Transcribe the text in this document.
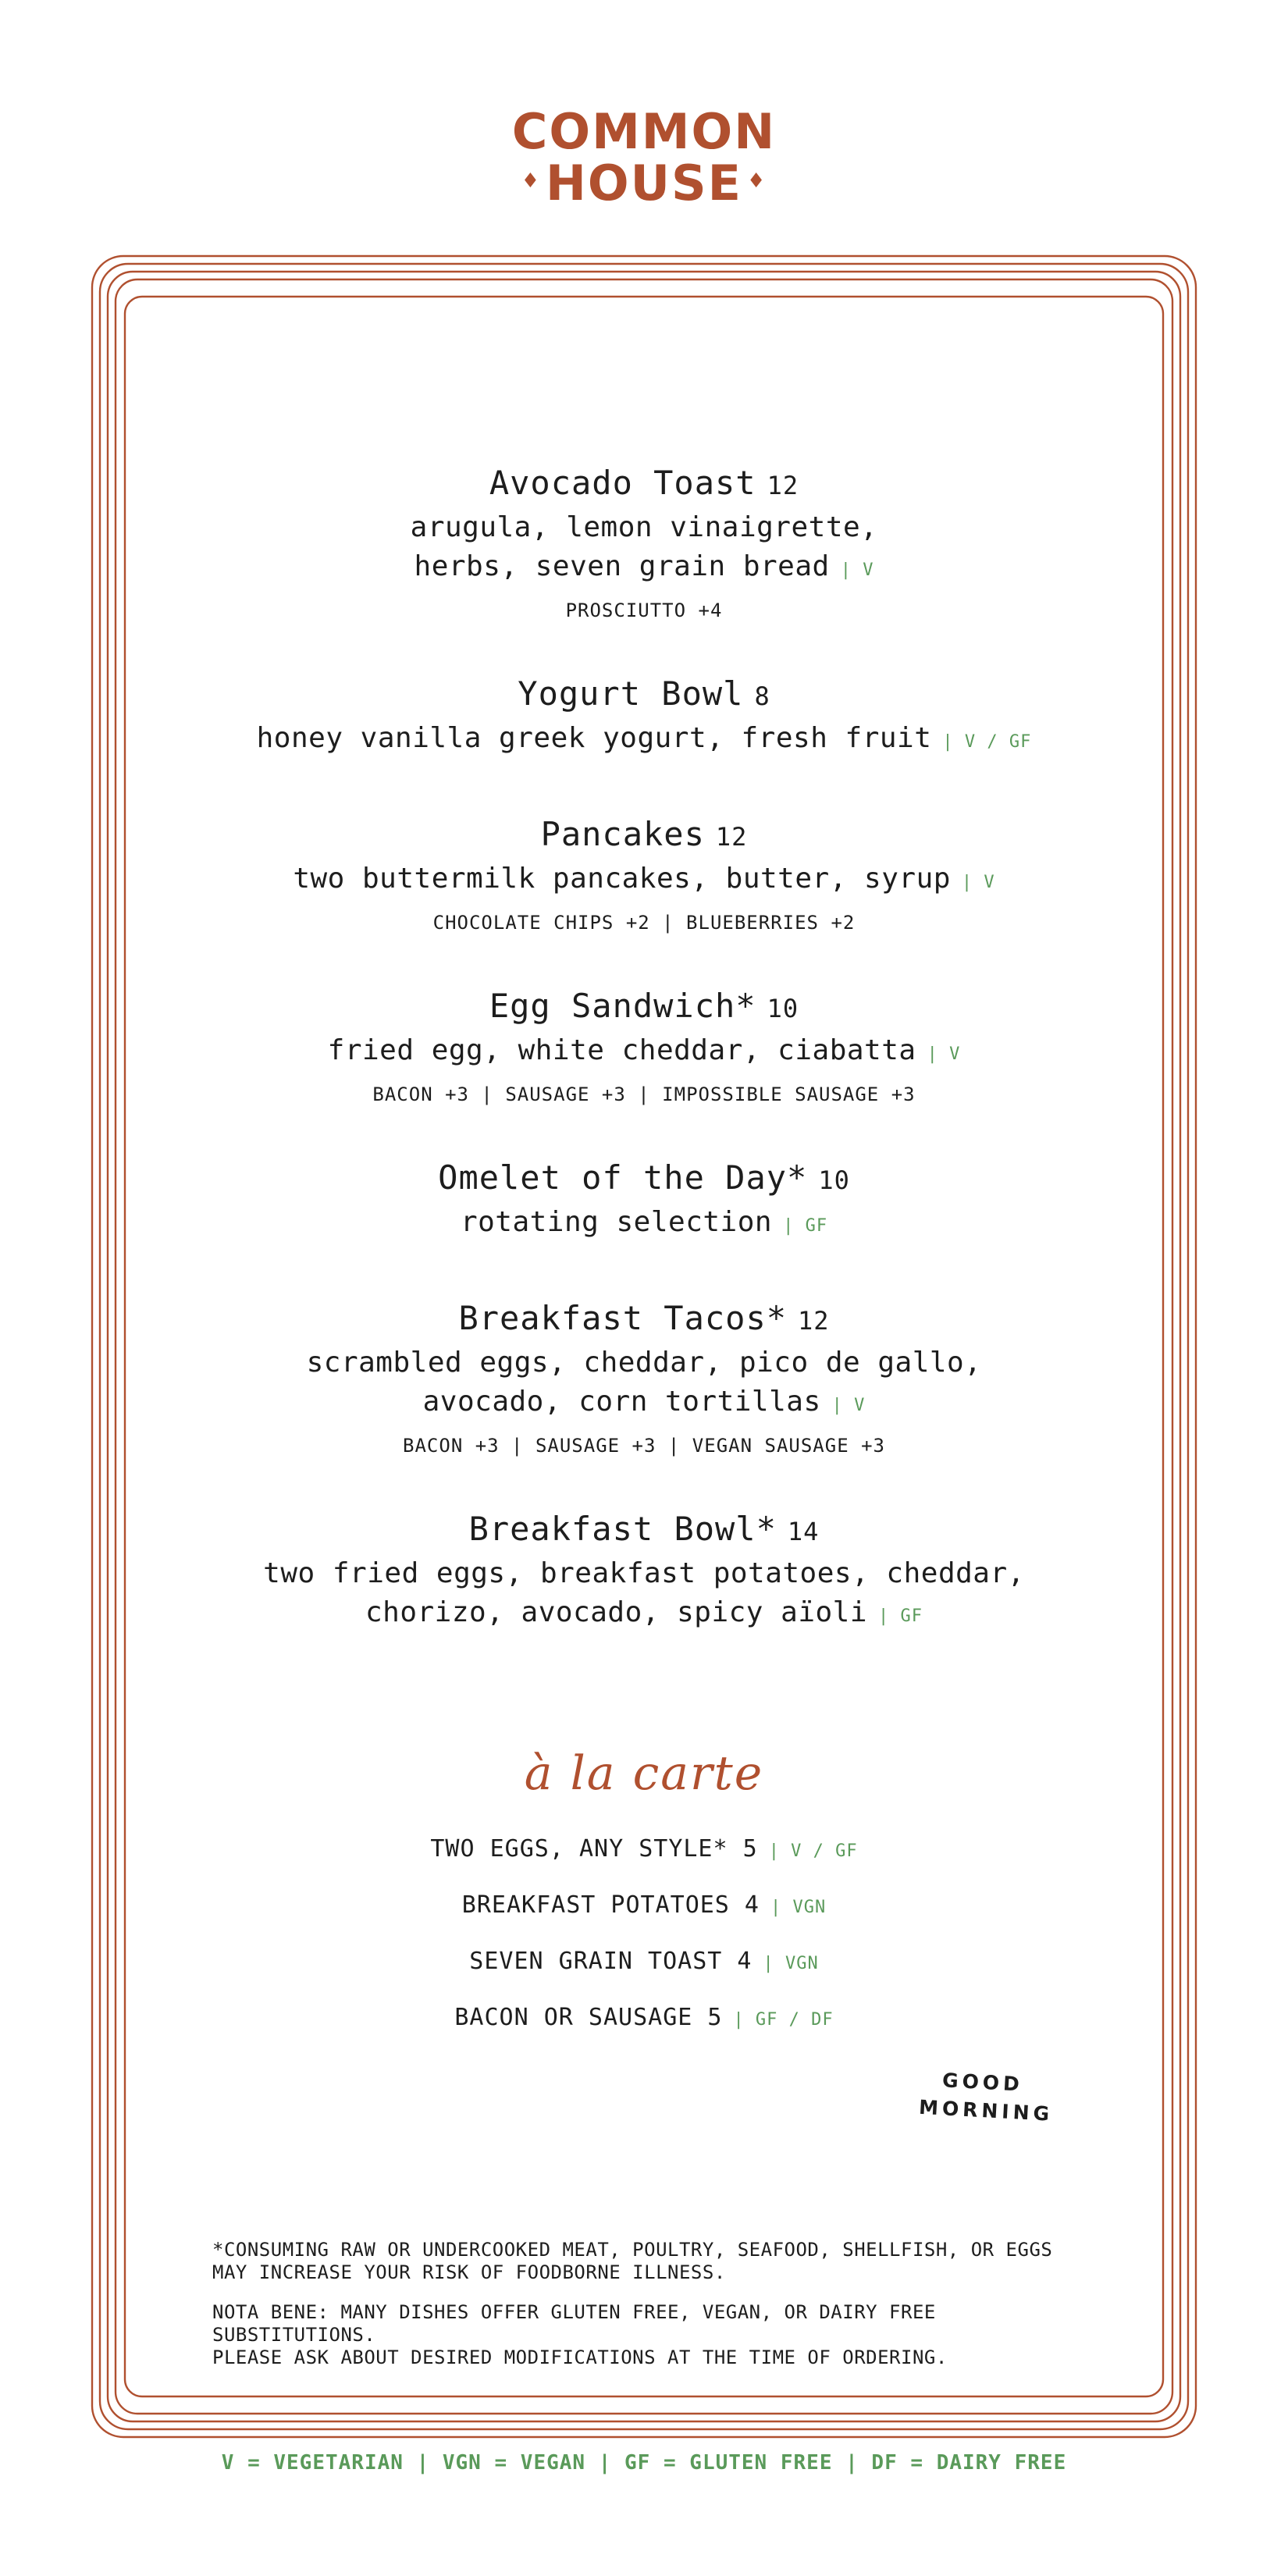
COMMON
♦HOUSE ♦
Avocado Toast 12
arugula, lemon vinaigrette,
herbs, seven grain bread | V
PROSCIUTTO +4
Yogurt Bowl 8
honey vanilla greek yogurt, fresh fruit | V / GF
Pancakes 12
two buttermilk pancakes, butter, syrup | V
CHOCOLATE CHIPS +2 | BLUEBERRIES +2
Egg Sandwich* 10
fried egg, white cheddar, ciabatta | V
BACON +3 | SAUSAGE +3 | IMPOSSIBLE SAUSAGE +3
Omelet of the Day* 10
rotating selection | GF
Breakfast Tacos* 12
scrambled eggs, cheddar, pico de gallo,
avocado, corn tortillas | V
BACON +3 | SAUSAGE +3 | VEGAN SAUSAGE +3
Breakfast Bowl* 14
two fried eggs, breakfast potatoes, cheddar,
chorizo, avocado, spicy aïoli | GF
à la carte
TWO EGGS, ANY STYLE* 5 | V / GF
BREAKFAST POTATOES 4 | VGN
SEVEN GRAIN TOAST 4 | VGN
BACON OR SAUSAGE 5 | GF / DF
GOOD
MORNING
*CONSUMING RAW OR UNDERCOOKED MEAT, POULTRY, SEAFOOD, SHELLFISH, OR EGGS
MAY INCREASE YOUR RISK OF FOODBORNE ILLNESS.
NOTA BENE: MANY DISHES OFFER GLUTEN FREE, VEGAN, OR DAIRY FREE SUBSTITUTIONS.
PLEASE ASK ABOUT DESIRED MODIFICATIONS AT THE TIME OF ORDERING.
V = VEGETARIAN | VGN = VEGAN | GF = GLUTEN FREE | DF = DAIRY FREE
